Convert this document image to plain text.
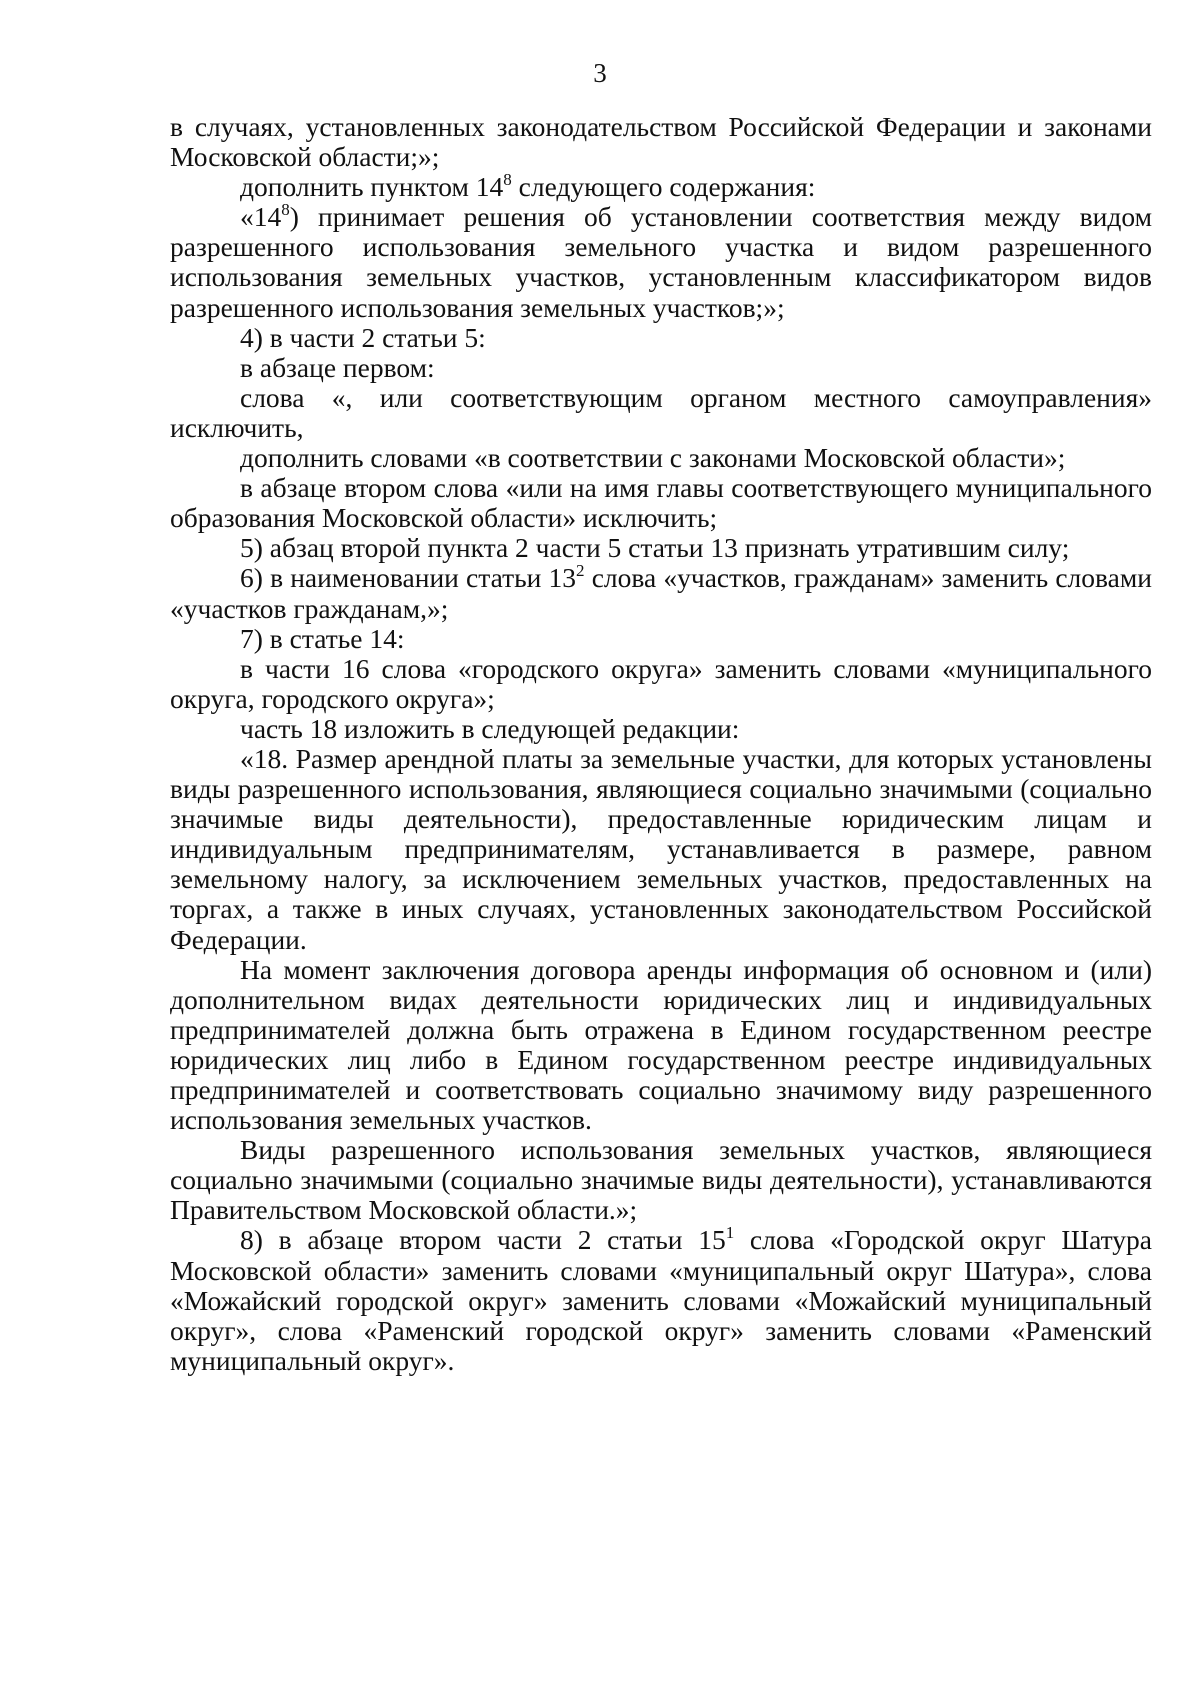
3

в случаях, установленных законодательством Российской Федерации и законами Московской области;»;

дополнить пунктом $14^8$ следующего содержания:

«$14^8$) принимает решения об установлении соответствия между видом разрешенного использования земельного участка и видом разрешенного использования земельных участков, установленным классификатором видов разрешенного использования земельных участков;»;

4) в части 2 статьи 5:

в абзаце первом:

слова «, или соответствующим органом местного самоуправления» исключить,

дополнить словами «в соответствии с законами Московской области»;

в абзаце втором слова «или на имя главы соответствующего муниципального образования Московской области» исключить;

5) абзац второй пункта 2 части 5 статьи 13 признать утратившим силу;

6) в наименовании статьи $13^2$ слова «участков, гражданам» заменить словами «участков гражданам,»;

7) в статье 14:

в части 16 слова «городского округа» заменить словами «муниципального округа, городского округа»;

часть 18 изложить в следующей редакции:

«18. Размер арендной платы за земельные участки, для которых установлены виды разрешенного использования, являющиеся социально значимыми (социально значимые виды деятельности), предоставленные юридическим лицам и индивидуальным предпринимателям, устанавливается в размере, равном земельному налогу, за исключением земельных участков, предоставленных на торгах, а также в иных случаях, установленных законодательством Российской Федерации.

На момент заключения договора аренды информация об основном и (или) дополнительном видах деятельности юридических лиц и индивидуальных предпринимателей должна быть отражена в Едином государственном реестре юридических лиц либо в Едином государственном реестре индивидуальных предпринимателей и соответствовать социально значимому виду разрешенного использования земельных участков.

Виды разрешенного использования земельных участков, являющиеся социально значимыми (социально значимые виды деятельности), устанавливаются Правительством Московской области.»;

8) в абзаце втором части 2 статьи $15^1$ слова «Городской округ Шатура Московской области» заменить словами «муниципальный округ Шатура», слова «Можайский городской округ» заменить словами «Можайский муниципальный округ», слова «Раменский городской округ» заменить словами «Раменский муниципальный округ».
